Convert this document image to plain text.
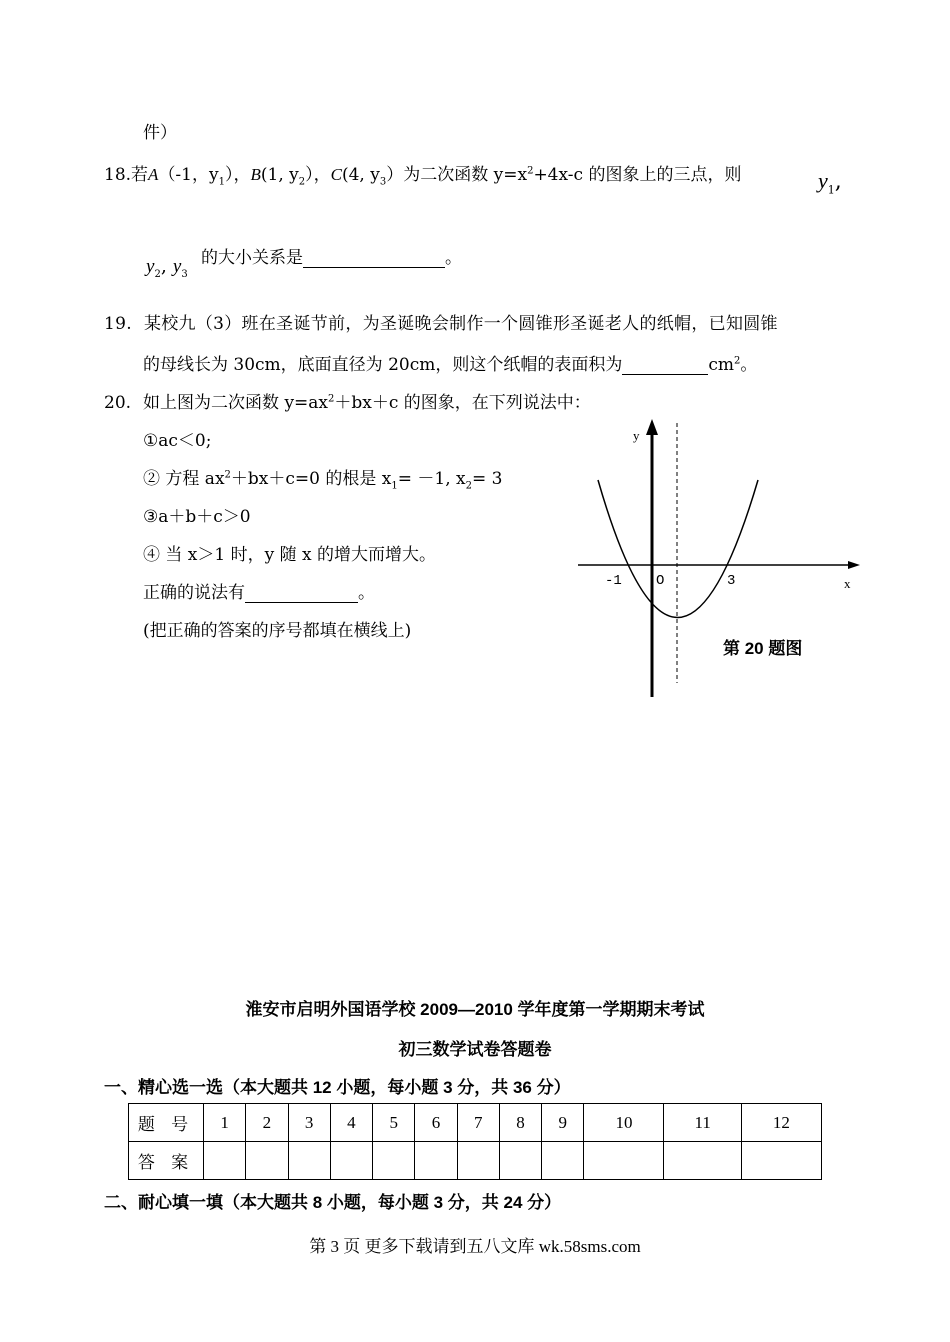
件）
18.若A（-1，$y_1$），B(1, $y_2$），C(4, $y_3$）为二次函数 $y=x^2+4x-c$ 的图象上的三点，则	$y_1$,
$y_2$, $y_3$
的大小关系是	。
19. 某校九（3）班在圣诞节前，为圣诞晚会制作一个圆锥形圣诞老人的纸帽，已知圆锥
的母线长为 30cm，底面直径为 20cm，则这个纸帽的表面积为	$cm^2$。
20. 如上图为二次函数 $y=ax^2+bx+c$ 的图象，在下列说法中：
①ac＜0;
② 方程 $ax^2+bx+c=0$ 的根是 $x_1= -1$, $x_2= 3$
③a＋b＋c＞0
④ 当 x＞1 时，y 随 x 的增大而增大。
正确的说法有	。
(把正确的答案的序号都填在横线上)
y
x
-1 O	3
第 20 题图
淮安市启明外国语学校 2009—2010 学年度第一学期期末考试
初三数学试卷答题卷
一、精心选一选（本大题共 12 小题，每小题 3 分，共 36 分）
题 号	1	2	3	4	5	6	7	8	9	10	11	12
答 案												
二、耐心填一填（本大题共 8 小题，每小题 3 分，共 24 分）
第 3 页 更多下载请到五八文库 wk.58sms.com
